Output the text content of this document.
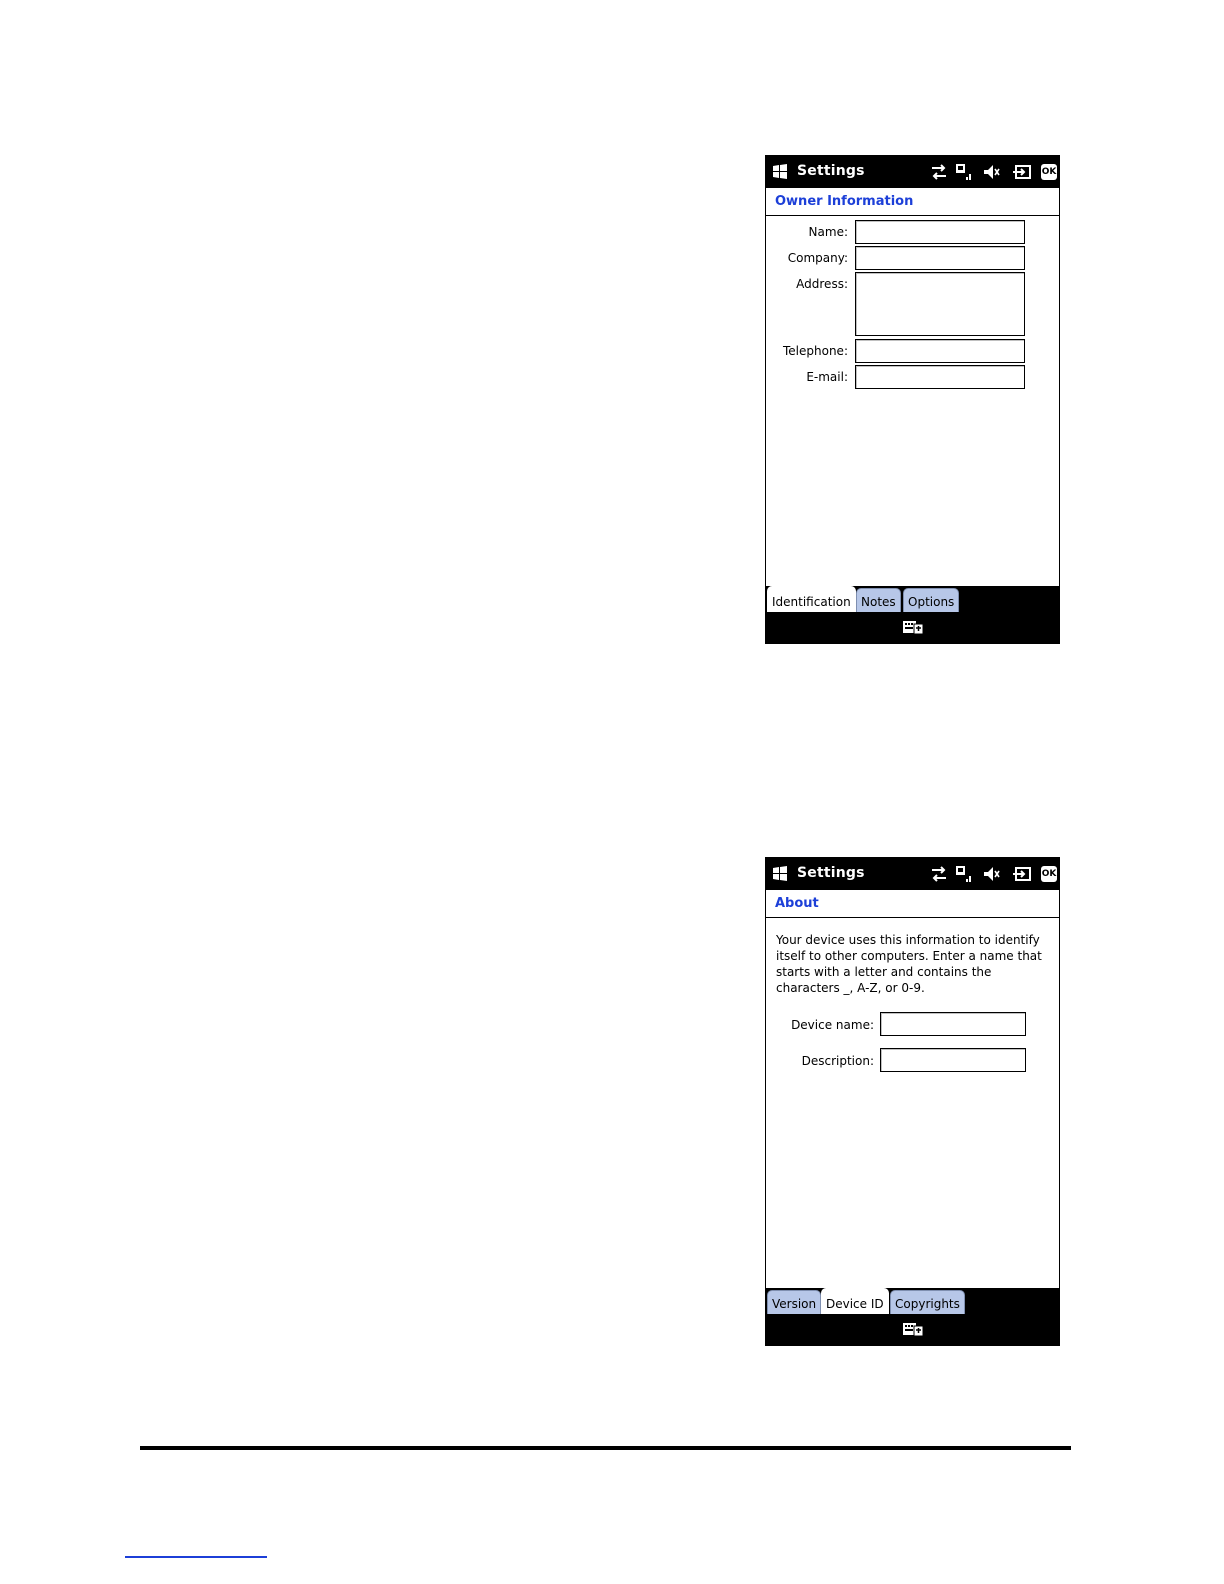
Settings	OK
Owner Information
Name:
Company:
Address:
Telephone:
E-mail:
Identification Notes	Options
Settings	OK
About
Your device uses this information to identify itself to other computers. Enter a name that starts with a letter and contains the characters _, A-Z, or 0-9.
Device name:
Description:
Version Device ID Copyrights
